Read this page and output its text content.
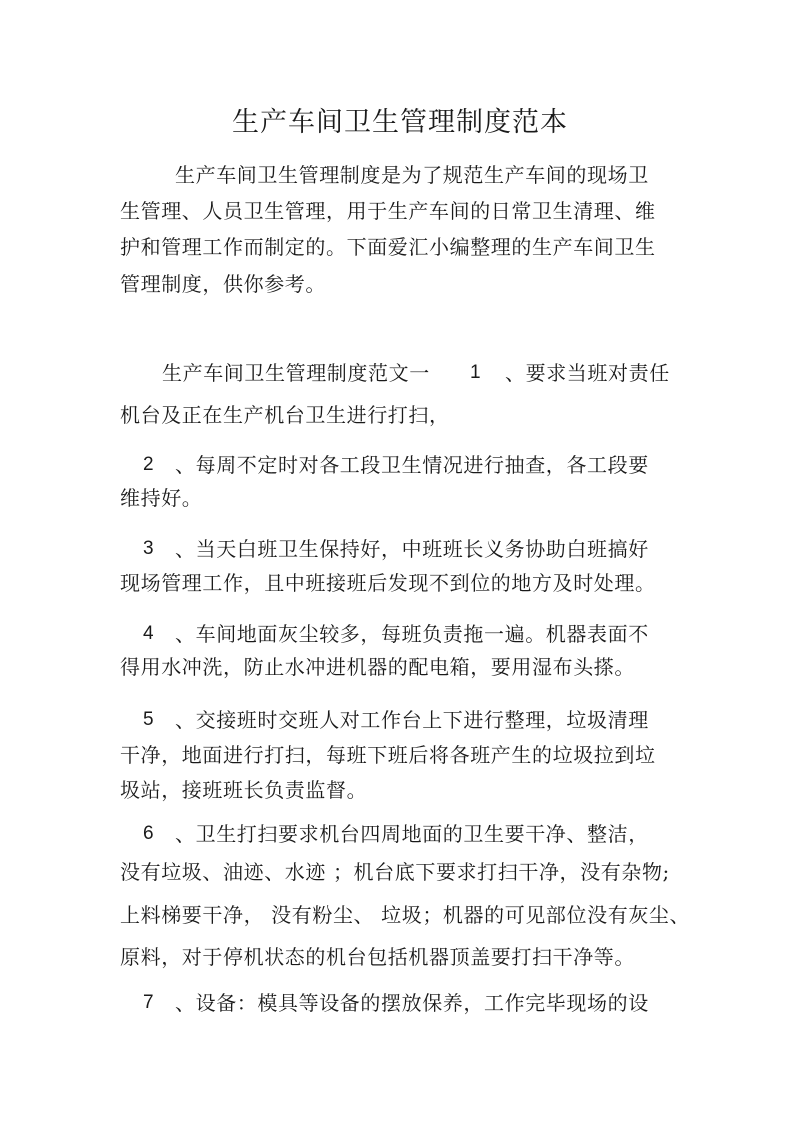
生产车间卫生管理制度范本
生产车间卫生管理制度是为了规范生产车间的现场卫
生管理、人员卫生管理，用于生产车间的日常卫生清理、维
护和管理工作而制定的。下面爱汇小编整理的生产车间卫生
管理制度，供你参考。
生产车间卫生管理制度范文一 1 、要求当班对责任
机台及正在生产机台卫生进行打扫，
2 、每周不定时对各工段卫生情况进行抽查，各工段要
维持好。
3 、当天白班卫生保持好，中班班长义务协助白班搞好
现场管理工作，且中班接班后发现不到位的地方及时处理。
4 、车间地面灰尘较多，每班负责拖一遍。机器表面不
得用水冲洗，防止水冲进机器的配电箱，要用湿布头搽。
5 、交接班时交班人对工作台上下进行整理，垃圾清理
干净，地面进行打扫，每班下班后将各班产生的垃圾拉到垃
圾站，接班班长负责监督。
6 、卫生打扫要求机台四周地面的卫生要干净、整洁，
没有垃圾、油迹、水迹 ；机台底下要求打扫干净，没有杂物;
上料梯要干净， 没有粉尘、 垃圾；机器的可见部位没有灰尘、
原料，对于停机状态的机台包括机器顶盖要打扫干净等。
7 、设备：模具等设备的摆放保养，工作完毕现场的设
